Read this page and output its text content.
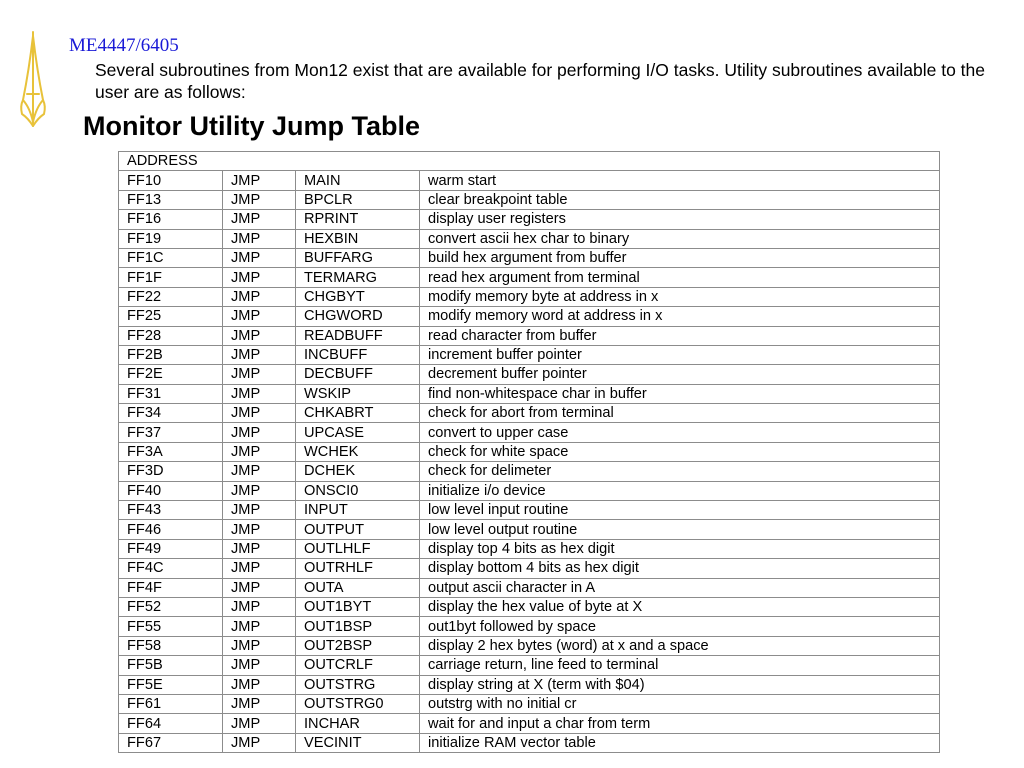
ME4447/6405
Several subroutines from Mon12 exist that are available for performing I/O tasks. Utility subroutines available to the user are as follows:
Monitor Utility Jump Table
ADDRESS			
FF10	JMP	MAIN	warm start
FF13	JMP	BPCLR	clear breakpoint table
FF16	JMP	RPRINT	display user registers
FF19	JMP	HEXBIN	convert ascii hex char to binary
FF1C	JMP	BUFFARG	build hex argument from buffer
FF1F	JMP	TERMARG	read hex argument from terminal
FF22	JMP	CHGBYT	modify memory byte at address in x
FF25	JMP	CHGWORD	modify memory word at address in x
FF28	JMP	READBUFF	read character from buffer
FF2B	JMP	INCBUFF	increment buffer pointer
FF2E	JMP	DECBUFF	decrement buffer pointer
FF31	JMP	WSKIP	find non-whitespace char in buffer
FF34	JMP	CHKABRT	check for abort from terminal
FF37	JMP	UPCASE	convert to upper case
FF3A	JMP	WCHEK	check for white space
FF3D	JMP	DCHEK	check for delimeter
FF40	JMP	ONSCI0	initialize i/o device
FF43	JMP	INPUT	low level input routine
FF46	JMP	OUTPUT	low level output routine
FF49	JMP	OUTLHLF	display top 4 bits as hex digit
FF4C	JMP	OUTRHLF	display bottom 4 bits as hex digit
FF4F	JMP	OUTA	output ascii character in A
FF52	JMP	OUT1BYT	display the hex value of byte at X
FF55	JMP	OUT1BSP	out1byt followed by space
FF58	JMP	OUT2BSP	display 2 hex bytes (word) at x and a space
FF5B	JMP	OUTCRLF	carriage return, line feed to terminal
FF5E	JMP	OUTSTRG	display string at X (term with $04)
FF61	JMP	OUTSTRG0	outstrg with no initial cr
FF64	JMP	INCHAR	wait for and input a char from term
FF67	JMP	VECINIT	initialize RAM vector table
